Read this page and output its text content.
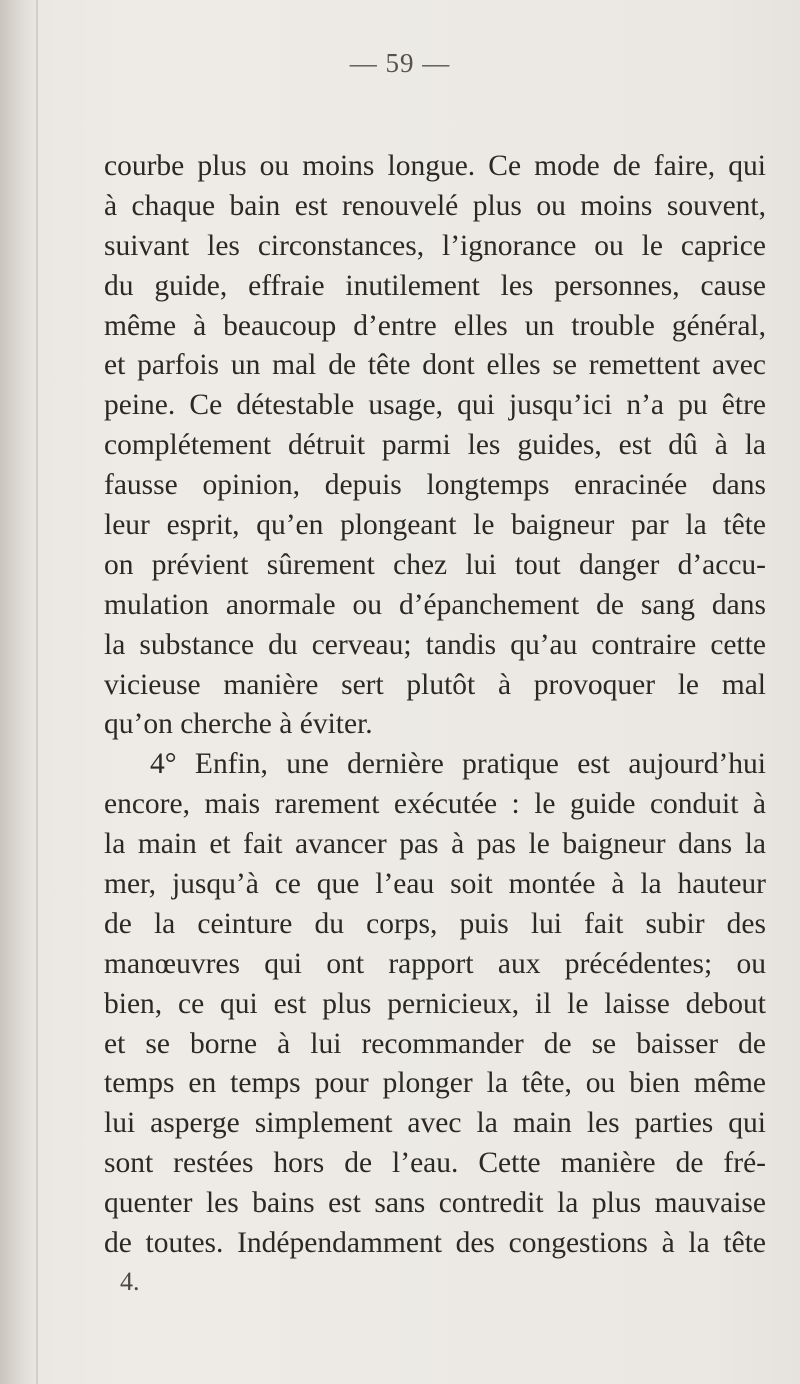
— 59 —
courbe plus ou moins longue. Ce mode de faire, qui
à chaque bain est renouvelé plus ou moins souvent,
suivant les circonstances, l’ignorance ou le caprice
du guide, effraie inutilement les personnes, cause
même à beaucoup d’entre elles un trouble général,
et parfois un mal de tête dont elles se remettent avec
peine. Ce détestable usage, qui jusqu’ici n’a pu être
complétement détruit parmi les guides, est dû à la
fausse opinion, depuis longtemps enracinée dans
leur esprit, qu’en plongeant le baigneur par la tête
on prévient sûrement chez lui tout danger d’accu-
mulation anormale ou d’épanchement de sang dans
la substance du cerveau; tandis qu’au contraire cette
vicieuse manière sert plutôt à provoquer le mal
qu’on cherche à éviter.
4° Enfin, une dernière pratique est aujourd’hui
encore, mais rarement exécutée : le guide conduit à
la main et fait avancer pas à pas le baigneur dans la
mer, jusqu’à ce que l’eau soit montée à la hauteur
de la ceinture du corps, puis lui fait subir des
manœuvres qui ont rapport aux précédentes; ou
bien, ce qui est plus pernicieux, il le laisse debout
et se borne à lui recommander de se baisser de
temps en temps pour plonger la tête, ou bien même
lui asperge simplement avec la main les parties qui
sont restées hors de l’eau. Cette manière de fré-
quenter les bains est sans contredit la plus mauvaise
de toutes. Indépendamment des congestions à la tête
4.
